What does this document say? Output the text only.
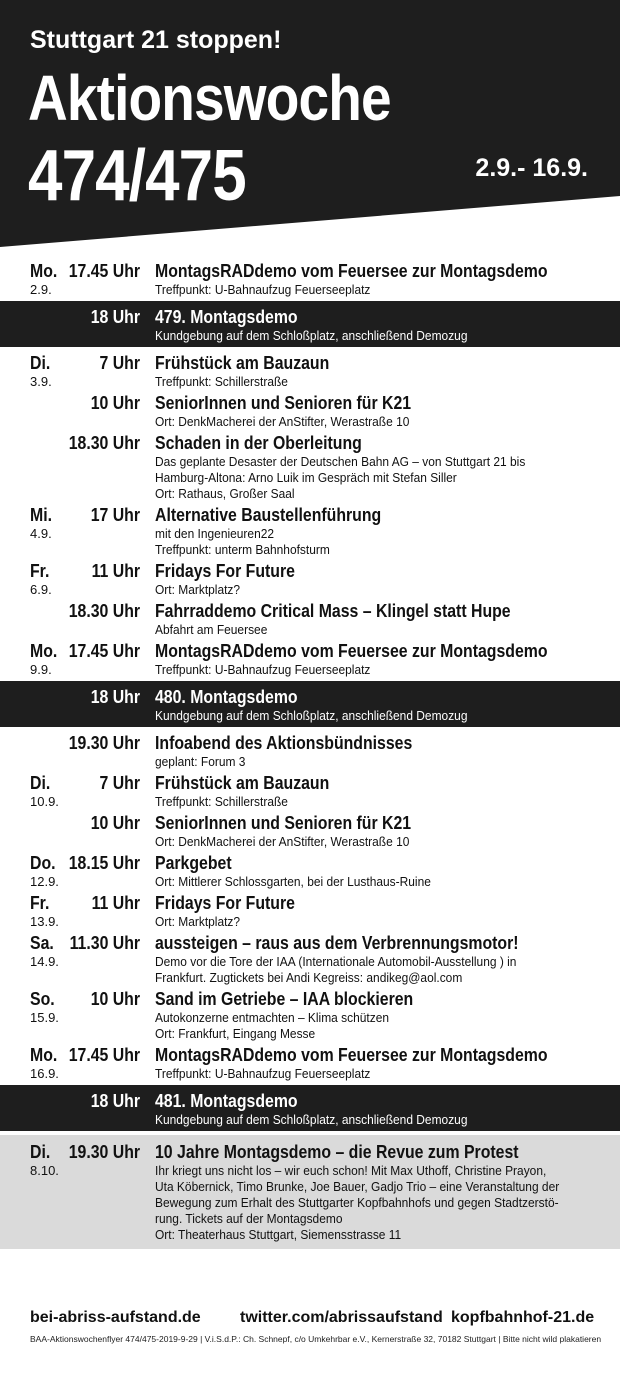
Stuttgart 21 stoppen!
Aktionswoche
474/475	2.9.- 16.9.
Mo. 17.45 Uhr
2.9.
MontagsRADdemo vom Feuersee zur Montagsdemo
Treffpunkt: U-Bahnaufzug Feuerseeplatz
18 Uhr 479. Montagsdemo
Kundgebung auf dem Schloßplatz, anschließend Demozug
Di.	7 Uhr
3.9.
Frühstück am Bauzaun
Treffpunkt: Schillerstraße
10 Uhr SeniorInnen und Senioren für K21
Ort: DenkMacherei der AnStifter, Werastraße 10
18.30 Uhr Schaden in der Oberleitung
Das geplante Desaster der Deutschen Bahn AG – von Stuttgart 21 bis
Hamburg-Altona: Arno Luik im Gespräch mit Stefan Siller
Ort: Rathaus, Großer Saal
Mi. 17 Uhr
4.9.
Alternative Baustellenführung
mit den Ingenieuren22
Treffpunkt: unterm Bahnhofsturm
Fr. 11 Uhr
6.9.
Fridays For Future
Ort: Marktplatz?
18.30 Uhr Fahrraddemo Critical Mass – Klingel statt Hupe
Abfahrt am Feuersee
Mo. 17.45 Uhr
9.9.
MontagsRADdemo vom Feuersee zur Montagsdemo
Treffpunkt: U-Bahnaufzug Feuerseeplatz
18 Uhr 480. Montagsdemo
Kundgebung auf dem Schloßplatz, anschließend Demozug
19.30 Uhr Infoabend des Aktionsbündnisses
geplant: Forum 3
Di.	7 Uhr
10.9.
Frühstück am Bauzaun
Treffpunkt: Schillerstraße
10 Uhr SeniorInnen und Senioren für K21
Ort: DenkMacherei der AnStifter, Werastraße 10
Do. 18.15 Uhr
12.9.
Parkgebet
Ort: Mittlerer Schlossgarten, bei der Lusthaus-Ruine
Fr. 11 Uhr
13.9.
Fridays For Future
Ort: Marktplatz?
Sa. 11.30 Uhr
14.9.
aussteigen – raus aus dem Verbrennungsmotor!
Demo vor die Tore der IAA (Internationale Automobil-Ausstellung ) in
Frankfurt. Zugtickets bei Andi Kegreiss: andikeg@aol.com
So. 10 Uhr
15.9.
Sand im Getriebe – IAA blockieren
Autokonzerne entmachten – Klima schützen
Ort: Frankfurt, Eingang Messe
Mo. 17.45 Uhr
16.9.
MontagsRADdemo vom Feuersee zur Montagsdemo
Treffpunkt: U-Bahnaufzug Feuerseeplatz
18 Uhr 481. Montagsdemo
Kundgebung auf dem Schloßplatz, anschließend Demozug
Di. 19.30 Uhr
8.10.
10 Jahre Montagsdemo – die Revue zum Protest
Ihr kriegt uns nicht los – wir euch schon! Mit Max Uthoff, Christine Prayon,
Uta Köbernick, Timo Brunke, Joe Bauer, Gadjo Trio – eine Veranstaltung der
Bewegung zum Erhalt des Stuttgarter Kopfbahnhofs und gegen Stadtzerstö-
rung. Tickets auf der Montagsdemo
Ort: Theaterhaus Stuttgart, Siemensstrasse 11
bei-abriss-aufstand.de twitter.com/abrissaufstand kopfbahnhof-21.de
BAA-Aktionswochenflyer 474/475-2019-9-29 | V.i.S.d.P.: Ch. Schnepf, c/o Umkehrbar e.V., Kernerstraße 32, 70182 Stuttgart | Bitte nicht wild plakatieren
